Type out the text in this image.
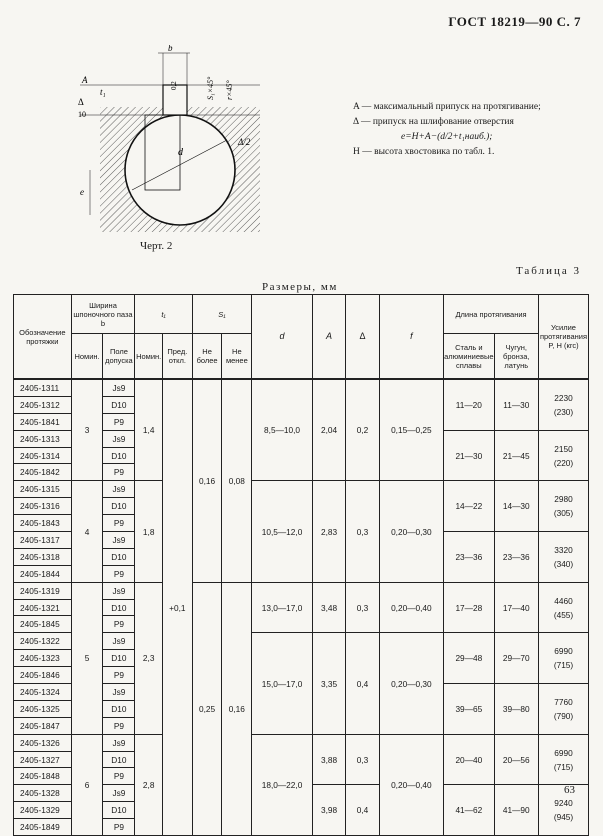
ГОСТ 18219—90 С. 7
b
A
t₁
Δ
10
d
e
Δ/2
S₁×45° r×45°
0,2
Черт. 2
A — максимальный припуск на протягивание;
Δ — припуск на шлифование отверстия
e=H+A−(d/2+t₁наиб.);
H — высота хвостовика по табл. 1.
Таблица 3
Размеры, мм
Обозначение протяжки	Ширина шпоночного паза b		t₁		S₁		d	A	Δ	f	Длина протягивания		Усилие протягивания P, H (кгс)
	Номин.	Поле допуска	Номин.	Пред. откл.	Не более	Не менее					Сталь и алюминиевые сплавы	Чугун, бронза, латунь	
2405-1311	3	Js9	1,4	+0,1	0,16	0,08	8,5—10,0	2,04	0,2	0,15—0,25	11—20	11—30	2230
(230)

2405-1312		D10											
2405-1841		P9											
2405-1313		Js9									21—30	21—45	2150
(220)

2405-1314		D10											
2405-1842		P9											
2405-1315	4	Js9	1,8				10,5—12,0	2,83	0,3	0,20—0,30	14—22	14—30	2980
(305)

2405-1316		D10											
2405-1843		P9											
2405-1317		Js9									23—36	23—36	3320
(340)

2405-1318		D10											
2405-1844		P9											
2405-1319	5	Js9	2,3		0,25	0,16	13,0—17,0	3,48	0,3	0,20—0,40	17—28	17—40	4460
(455)

2405-1321		D10											
2405-1845		P9											
2405-1322		Js9					15,0—17,0	3,35	0,4	0,20—0,30	29—48	29—70	6990
(715)

2405-1323		D10											
2405-1846		P9											
2405-1324		Js9									39—65	39—80	7760
(790)

2405-1325		D10											
2405-1847		P9											
2405-1326	6	Js9	2,8				18,0—22,0	3,88	0,3	0,20—0,40	20—40	20—56	6990
(715)

2405-1327		D10											
2405-1848		P9											
2405-1328		Js9						3,98	0,4		41—62	41—90	9240
(945)

2405-1329		D10											
2405-1849		P9											
63
